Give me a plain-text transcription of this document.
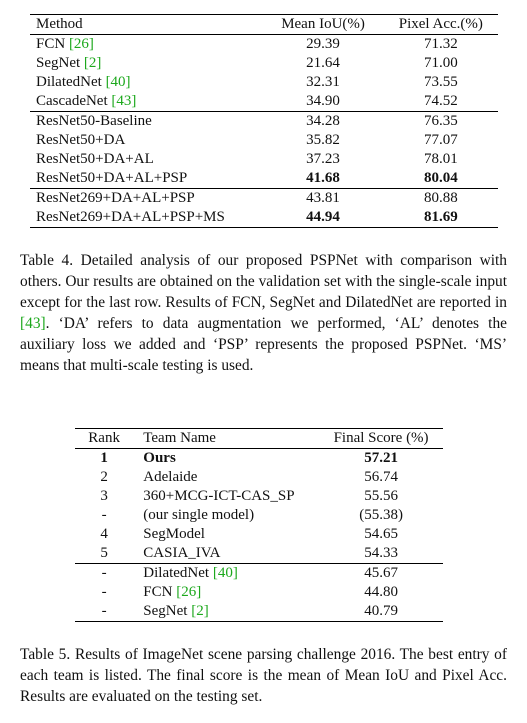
Method	Mean IoU(%)	Pixel Acc.(%)
FCN [26]	29.39	71.32
SegNet [2]	21.64	71.00
DilatedNet [40]	32.31	73.55
CascadeNet [43]	34.90	74.52
ResNet50-Baseline	34.28	76.35
ResNet50+DA	35.82	77.07
ResNet50+DA+AL	37.23	78.01
ResNet50+DA+AL+PSP	41.68	80.04
ResNet269+DA+AL+PSP	43.81	80.88
ResNet269+DA+AL+PSP+MS	44.94	81.69
Table 4. Detailed analysis of our proposed PSPNet with comparison with others. Our results are obtained on the validation set with the single-scale input except for the last row. Results of FCN, SegNet and DilatedNet are reported in [43]. ‘DA’ refers to data augmentation we performed, ‘AL’ denotes the auxiliary loss we added and ‘PSP’ represents the proposed PSPNet. ‘MS’ means that multi-scale testing is used.
Rank	Team Name	Final Score (%)
1	Ours	57.21
2	Adelaide	56.74
3	360+MCG-ICT-CAS_SP	55.56
-	(our single model)	(55.38)
4	SegModel	54.65
5	CASIA_IVA	54.33
-	DilatedNet [40]	45.67
-	FCN [26]	44.80
-	SegNet [2]	40.79
Table 5. Results of ImageNet scene parsing challenge 2016. The best entry of each team is listed. The final score is the mean of Mean IoU and Pixel Acc. Results are evaluated on the testing set.
